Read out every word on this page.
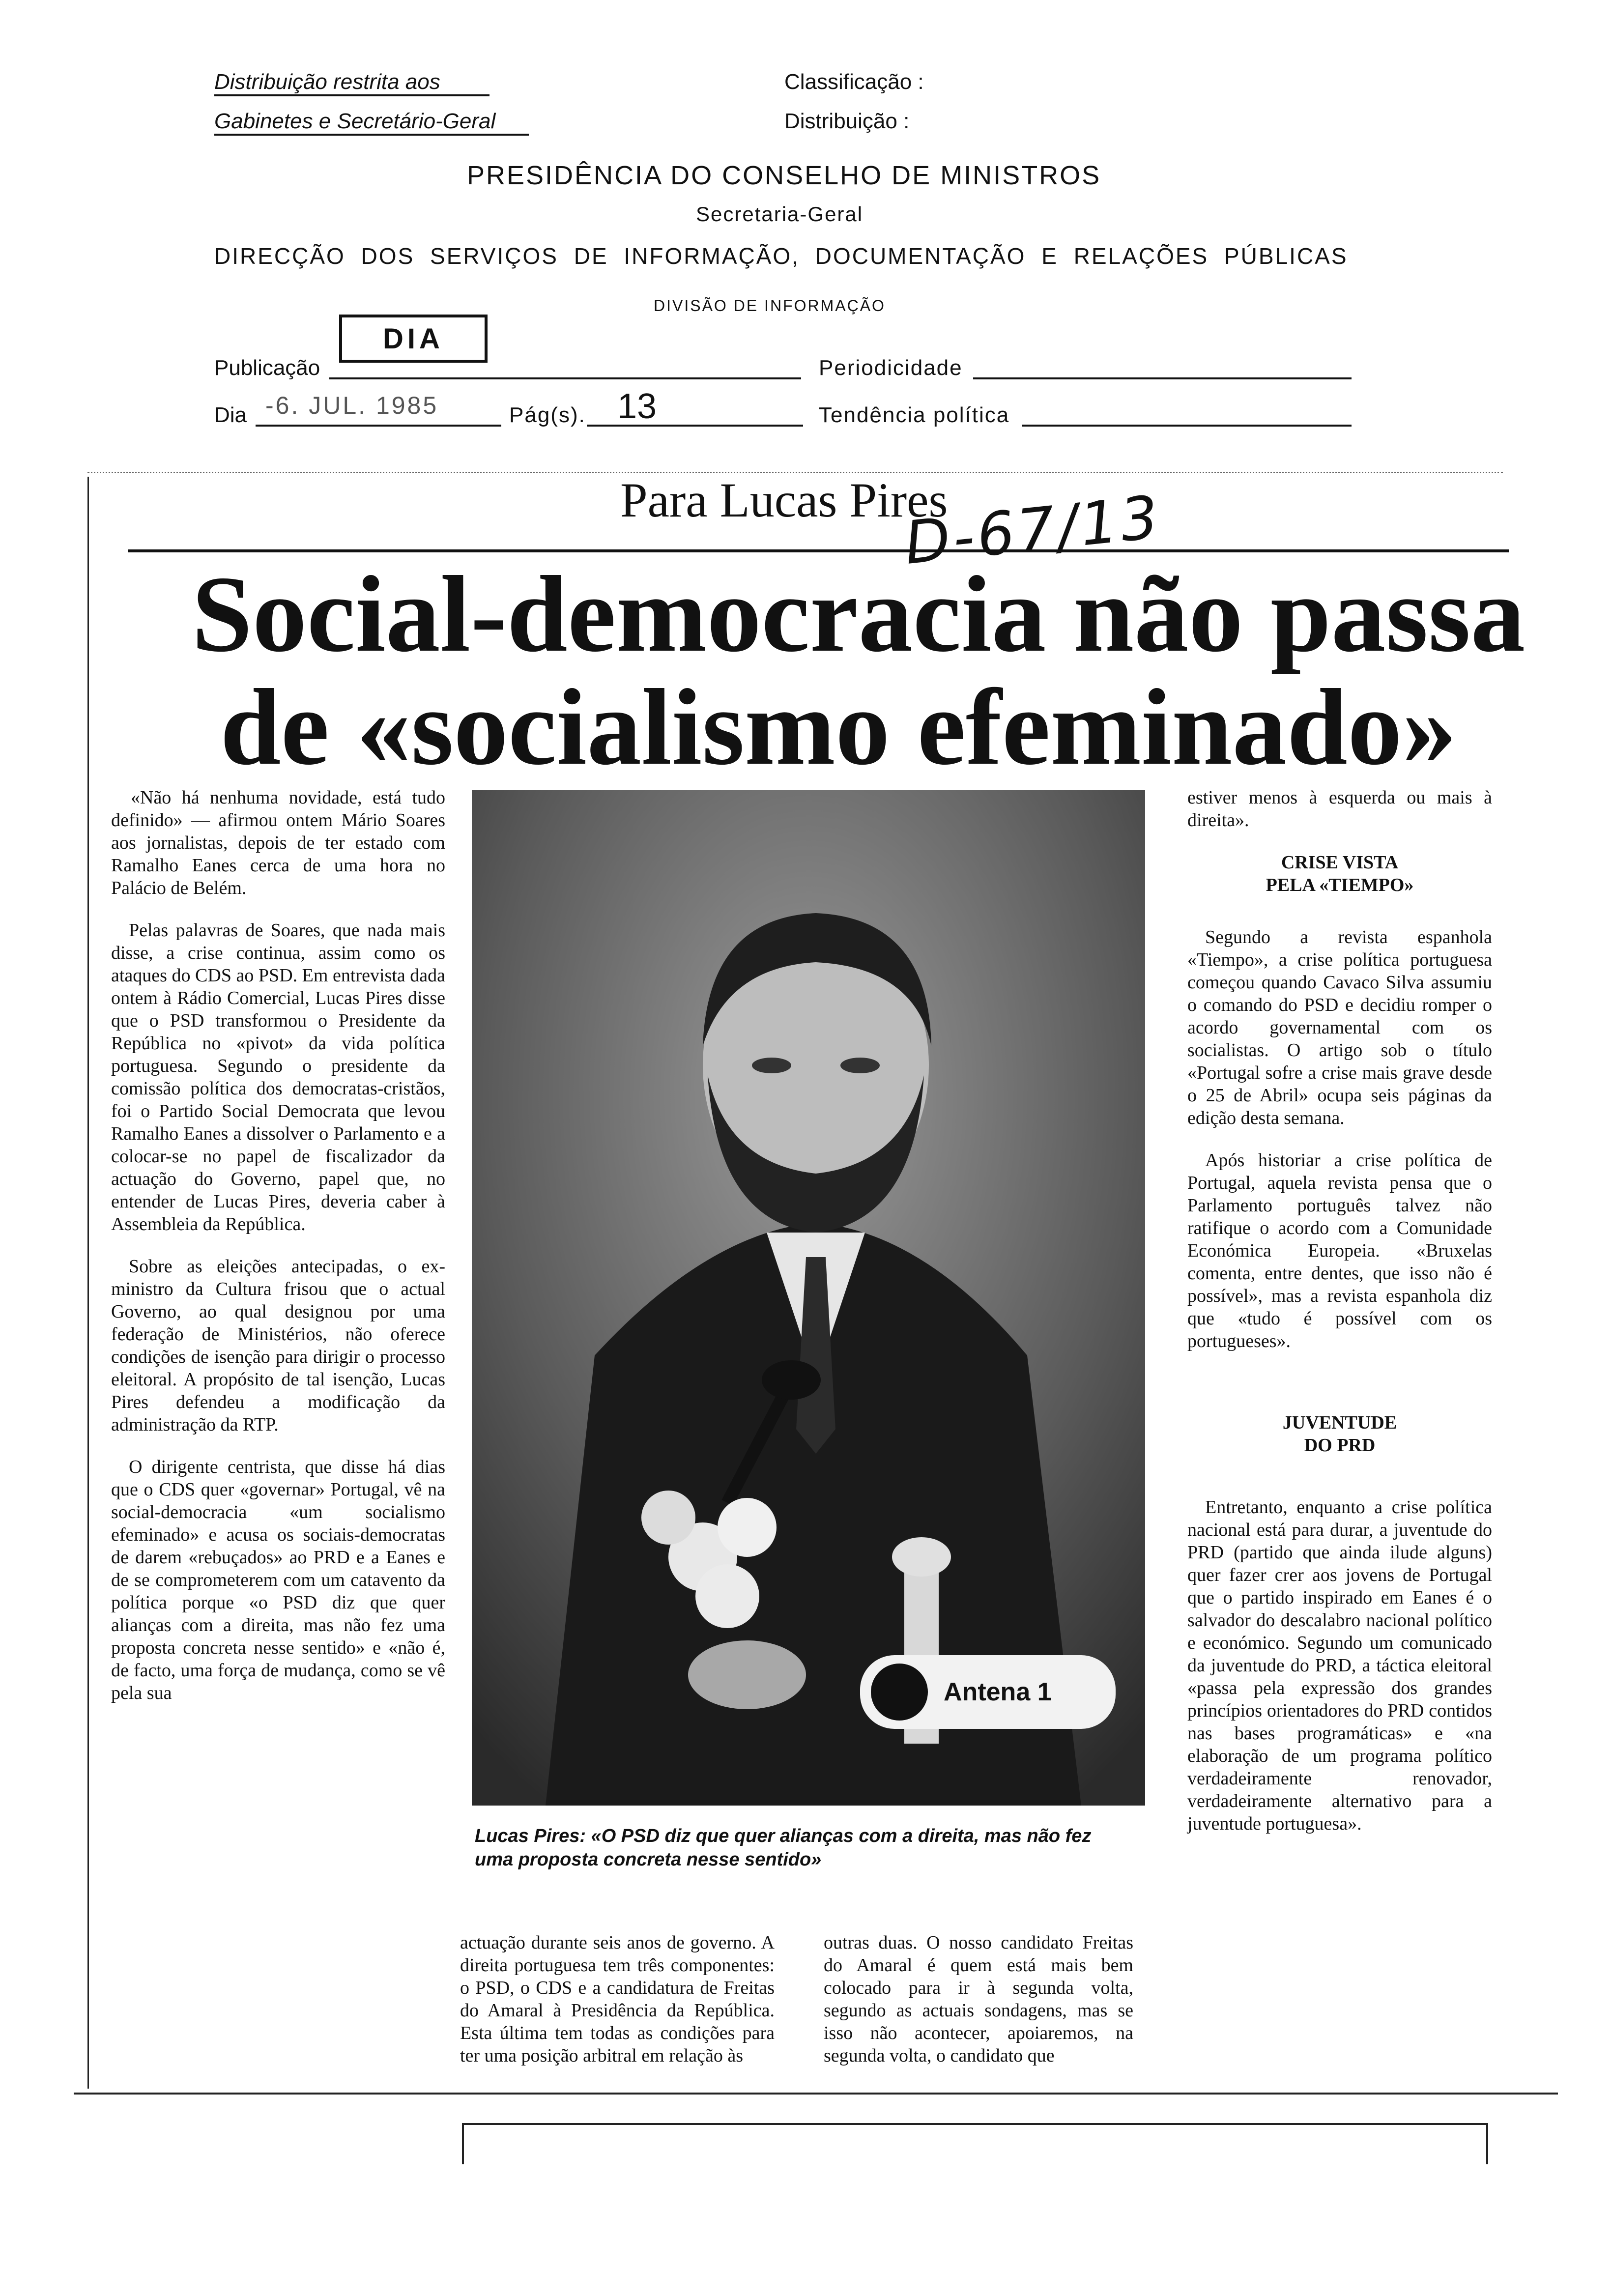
Distribuição restrita aos
Gabinetes e Secretário-Geral
Classificação :
Distribuição :
PRESIDÊNCIA DO CONSELHO DE MINISTROS
Secretaria-Geral
DIRECÇÃO DOS SERVIÇOS DE INFORMAÇÃO, DOCUMENTAÇÃO E RELAÇÕES PÚBLICAS
DIVISÃO DE INFORMAÇÃO
DIA
Publicação	Periodicidade
Dia -6. JUL. 1985	Pág(s). 13	Tendência política
Para Lucas Pires
D-67/13
Social-democracia não passa
de «socialismo efeminado»

«Não há nenhuma novidade, está tudo definido» — afirmou ontem Mário Soares aos jornalistas, depois de ter estado com Ramalho Eanes cerca de uma hora no Palácio de Belém.

Pelas palavras de Soares, que nada mais disse, a crise continua, assim como os ataques do CDS ao PSD. Em entrevista dada ontem à Rádio Comercial, Lucas Pires disse que o PSD transformou o Presidente da República no «pivot» da vida política portuguesa. Segundo o presidente da comissão política dos democratas-cristãos, foi o Partido Social Democrata que levou Ramalho Eanes a dissolver o Parlamento e a colocar-se no papel de fiscalizador da actuação do Governo, papel que, no entender de Lucas Pires, deveria caber à Assembleia da República.

Sobre as eleições antecipadas, o ex-ministro da Cultura frisou que o actual Governo, ao qual designou por uma federação de Ministérios, não oferece condições de isenção para dirigir o processo eleitoral. A propósito de tal isenção, Lucas Pires defendeu a modificação da administração da RTP.

O dirigente centrista, que disse há dias que o CDS quer «governar» Portugal, vê na social-democracia «um socialismo efeminado» e acusa os sociais-democratas de darem «rebuçados» ao PRD e a Eanes e de se comprometerem com um catavento da política porque «o PSD diz que quer alianças com a direita, mas não fez uma proposta concreta nesse sentido» e «não é, de facto, uma força de mudança, como se vê pela sua	Antena 1
Lucas Pires: «O PSD diz que quer alianças com a direita, mas não fez uma proposta concreta nesse sentido»

actuação durante seis anos de governo. A direita portuguesa tem três componentes: o PSD, o CDS e a candidatura de Freitas do Amaral à Presidência da República. Esta última tem todas as condições para ter uma posição arbitral em relação às

outras duas. O nosso candidato Freitas do Amaral é quem está mais bem colocado para ir à segunda volta, segundo as actuais sondagens, mas se isso não acontecer, apoiaremos, na segunda volta, o candidato que

estiver menos à esquerda ou mais à direita».

CRISE VISTA
PELA «TIEMPO»

Segundo a revista espanhola «Tiempo», a crise política portuguesa começou quando Cavaco Silva assumiu o comando do PSD e decidiu romper o acordo governamental com os socialistas. O artigo sob o título «Portugal sofre a crise mais grave desde o 25 de Abril» ocupa seis páginas da edição desta semana.

Após historiar a crise política de Portugal, aquela revista pensa que o Parlamento português talvez não ratifique o acordo com a Comunidade Económica Europeia. «Bruxelas comenta, entre dentes, que isso não é possível», mas a revista espanhola diz que «tudo é possível com os portugueses».

JUVENTUDE
DO PRD

Entretanto, enquanto a crise política nacional está para durar, a juventude do PRD (partido que ainda ilude alguns) quer fazer crer aos jovens de Portugal que o partido inspirado em Eanes é o salvador do descalabro nacional político e económico. Segundo um comunicado da juventude do PRD, a táctica eleitoral «passa pela expressão dos grandes princípios orientadores do PRD contidos nas bases programáticas» e «na elaboração de um programa político verdadeiramente renovador, verdadeiramente alternativo para a juventude portuguesa».
